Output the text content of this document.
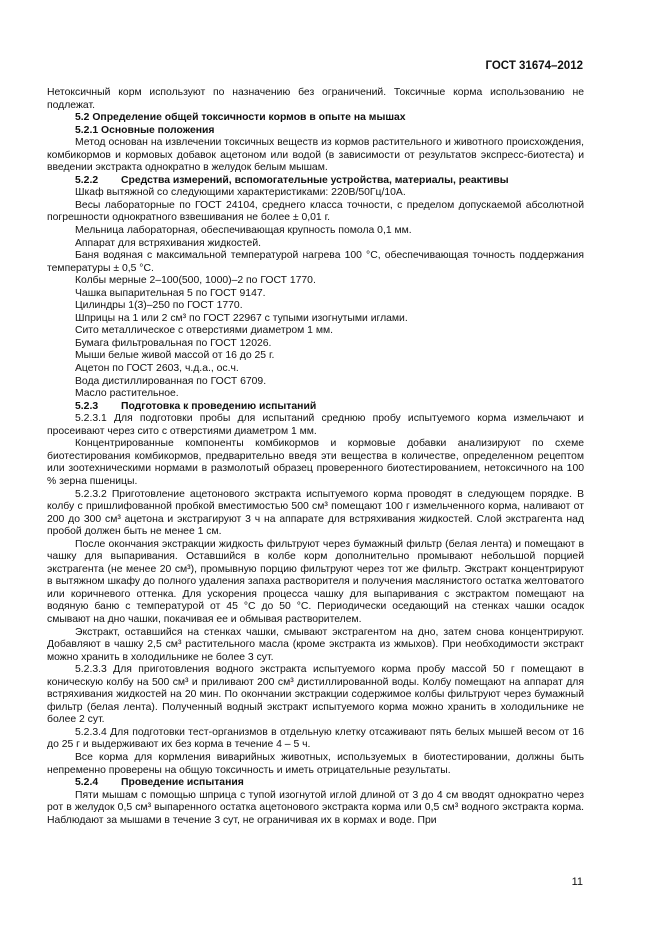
ГОСТ 31674–2012

Нетоксичный корм используют по назначению без ограничений. Токсичные корма использованию не подлежат.

5.2 Определение общей токсичности кормов в опыте на мышах

5.2.1 Основные положения

Метод основан на извлечении токсичных веществ из кормов растительного и животного происхождения, комбикормов и кормовых добавок ацетоном или водой (в зависимости от результатов экспресс-биотеста) и введении экстракта однократно в желудок белым мышам.

5.2.2 Средства измерений, вспомогательные устройства, материалы, реактивы

Шкаф вытяжной со следующими характеристиками: 220В/50Гц/10А.

Весы лабораторные по ГОСТ 24104, среднего класса точности, с пределом допускаемой абсолютной погрешности однократного взвешивания не более ± 0,01 г.

Мельница лабораторная, обеспечивающая крупность помола 0,1 мм.

Аппарат для встряхивания жидкостей.

Баня водяная с максимальной температурой нагрева 100 °С, обеспечивающая точность поддержания температуры ± 0,5 °С.

Колбы мерные 2–100(500, 1000)–2 по ГОСТ 1770.

Чашка выпарительная 5 по ГОСТ 9147.

Цилиндры 1(3)–250 по ГОСТ 1770.

Шприцы на 1 или 2 см³ по ГОСТ 22967 с тупыми изогнутыми иглами.

Сито металлическое с отверстиями диаметром 1 мм.

Бумага фильтровальная по ГОСТ 12026.

Мыши белые живой массой от 16 до 25 г.

Ацетон по ГОСТ 2603, ч.д.а., ос.ч.

Вода дистиллированная по ГОСТ 6709.

Масло растительное.

5.2.3 Подготовка к проведению испытаний

5.2.3.1 Для подготовки пробы для испытаний среднюю пробу испытуемого корма измельчают и просеивают через сито с отверстиями диаметром 1 мм.

Концентрированные компоненты комбикормов и кормовые добавки анализируют по схеме биотестирования комбикормов, предварительно введя эти вещества в количестве, определенном рецептом или зоотехническими нормами в размолотый образец проверенного биотестированием, нетоксичного на 100 % зерна пшеницы.

5.2.3.2 Приготовление ацетонового экстракта испытуемого корма проводят в следующем порядке. В колбу с пришлифованной пробкой вместимостью 500 см³ помещают 100 г измельченного корма, наливают от 200 до 300 см³ ацетона и экстрагируют 3 ч на аппарате для встряхивания жидкостей. Слой экстрагента над пробой должен быть не менее 1 см.

После окончания экстракции жидкость фильтруют через бумажный фильтр (белая лента) и помещают в чашку для выпаривания. Оставшийся в колбе корм дополнительно промывают небольшой порцией экстрагента (не менее 20 см³), промывную порцию фильтруют через тот же фильтр. Экстракт концентрируют в вытяжном шкафу до полного удаления запаха растворителя и получения маслянистого остатка желтоватого или коричневого оттенка. Для ускорения процесса чашку для выпаривания с экстрактом помещают на водяную баню с температурой от 45 °С до 50 °С. Периодически оседающий на стенках чашки осадок смывают на дно чашки, покачивая ее и обмывая растворителем.

Экстракт, оставшийся на стенках чашки, смывают экстрагентом на дно, затем снова концентрируют. Добавляют в чашку 2,5 см³ растительного масла (кроме экстракта из жмыхов). При необходимости экстракт можно хранить в холодильнике не более 3 сут.

5.2.3.3 Для приготовления водного экстракта испытуемого корма пробу массой 50 г помещают в коническую колбу на 500 см³ и приливают 200 см³ дистиллированной воды. Колбу помещают на аппарат для встряхивания жидкостей на 20 мин. По окончании экстракции содержимое колбы фильтруют через бумажный фильтр (белая лента). Полученный водный экстракт испытуемого корма можно хранить в холодильнике не более 2 сут.

5.2.3.4 Для подготовки тест-организмов в отдельную клетку отсаживают пять белых мышей весом от 16 до 25 г и выдерживают их без корма в течение 4 – 5 ч.

Все корма для кормления виварийных животных, используемых в биотестировании, должны быть непременно проверены на общую токсичность и иметь отрицательные результаты.

5.2.4 Проведение испытания

Пяти мышам с помощью шприца с тупой изогнутой иглой длиной от 3 до 4 см вводят однократно через рот в желудок 0,5 см³ выпаренного остатка ацетонового экстракта корма или 0,5 см³ водного экстракта корма. Наблюдают за мышами в течение 3 сут, не ограничивая их в кормах и воде. При

11
